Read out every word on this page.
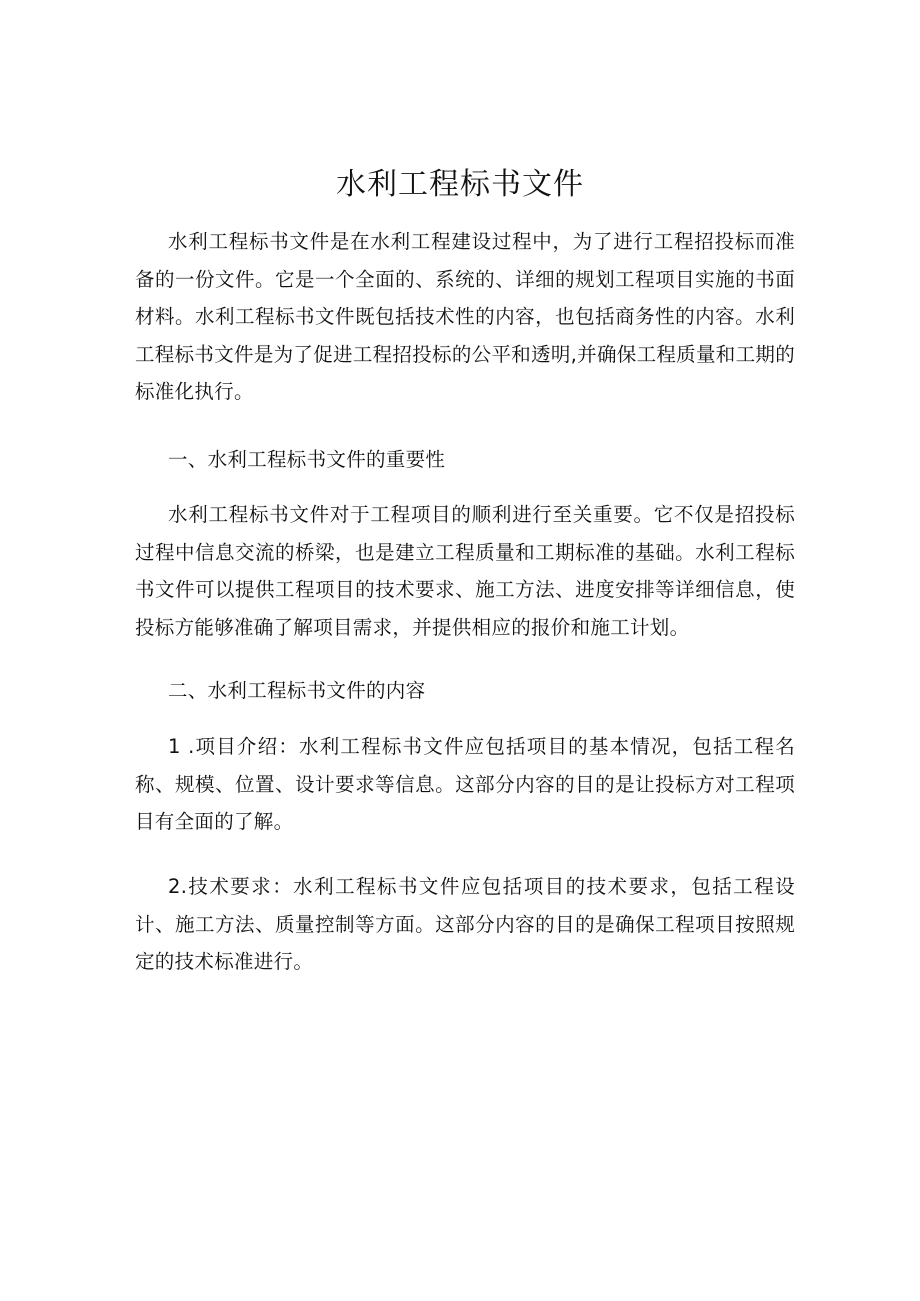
水利工程标书文件

水利工程标书文件是在水利工程建设过程中，为了进行工程招投标而准备的一份文件。它是一个全面的、系统的、详细的规划工程项目实施的书面材料。水利工程标书文件既包括技术性的内容，也包括商务性的内容。水利工程标书文件是为了促进工程招投标的公平和透明,并确保工程质量和工期的标准化执行。

一、水利工程标书文件的重要性

水利工程标书文件对于工程项目的顺利进行至关重要。它不仅是招投标过程中信息交流的桥梁，也是建立工程质量和工期标准的基础。水利工程标书文件可以提供工程项目的技术要求、施工方法、进度安排等详细信息，使投标方能够准确了解项目需求，并提供相应的报价和施工计划。

二、水利工程标书文件的内容

1 .项目介绍：水利工程标书文件应包括项目的基本情况，包括工程名称、规模、位置、设计要求等信息。这部分内容的目的是让投标方对工程项目有全面的了解。

2.技术要求：水利工程标书文件应包括项目的技术要求，包括工程设计、施工方法、质量控制等方面。这部分内容的目的是确保工程项目按照规定的技术标准进行。
